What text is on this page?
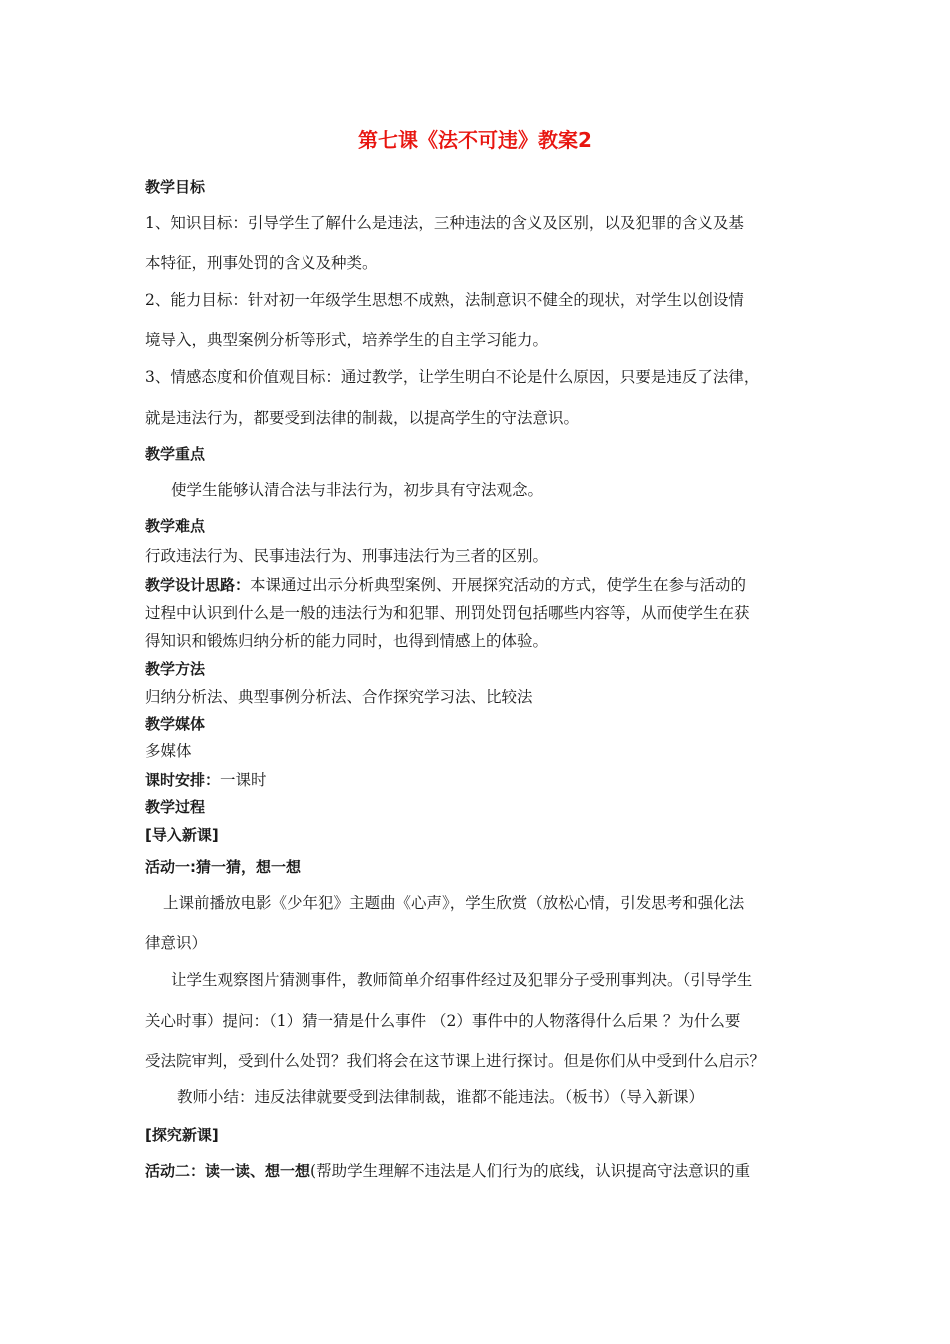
第七课《法不可违》教案2
教学目标
1、知识目标：引导学生了解什么是违法，三种违法的含义及区别，以及犯罪的含义及基
本特征，刑事处罚的含义及种类。
2、能力目标：针对初一年级学生思想不成熟，法制意识不健全的现状，对学生以创设情
境导入，典型案例分析等形式，培养学生的自主学习能力。
3、情感态度和价值观目标：通过教学，让学生明白不论是什么原因，只要是违反了法律，
就是违法行为，都要受到法律的制裁，以提高学生的守法意识。
教学重点
使学生能够认清合法与非法行为，初步具有守法观念。
教学难点
行政违法行为、民事违法行为、刑事违法行为三者的区别。
教学设计思路：本课通过出示分析典型案例、开展探究活动的方式，使学生在参与活动的
过程中认识到什么是一般的违法行为和犯罪、刑罚处罚包括哪些内容等，从而使学生在获
得知识和锻炼归纳分析的能力同时，也得到情感上的体验。
教学方法
归纳分析法、典型事例分析法、合作探究学习法、比较法
教学媒体
多媒体
课时安排：一课时
教学过程
[导入新课]
活动一:猜一猜，想一想
上课前播放电影《少年犯》主题曲《心声》，学生欣赏（放松心情，引发思考和强化法
律意识）
让学生观察图片猜测事件，教师简单介绍事件经过及犯罪分子受刑事判决。（引导学生
关心时事）提问：（1）猜一猜是什么事件 （2）事件中的人物落得什么后果 ？为什么要
受法院审判，受到什么处罚？我们将会在这节课上进行探讨。但是你们从中受到什么启示？
教师小结：违反法律就要受到法律制裁，谁都不能违法。（板书）（导入新课）
[探究新课]
活动二：读一读、想一想(帮助学生理解不违法是人们行为的底线，认识提高守法意识的重
